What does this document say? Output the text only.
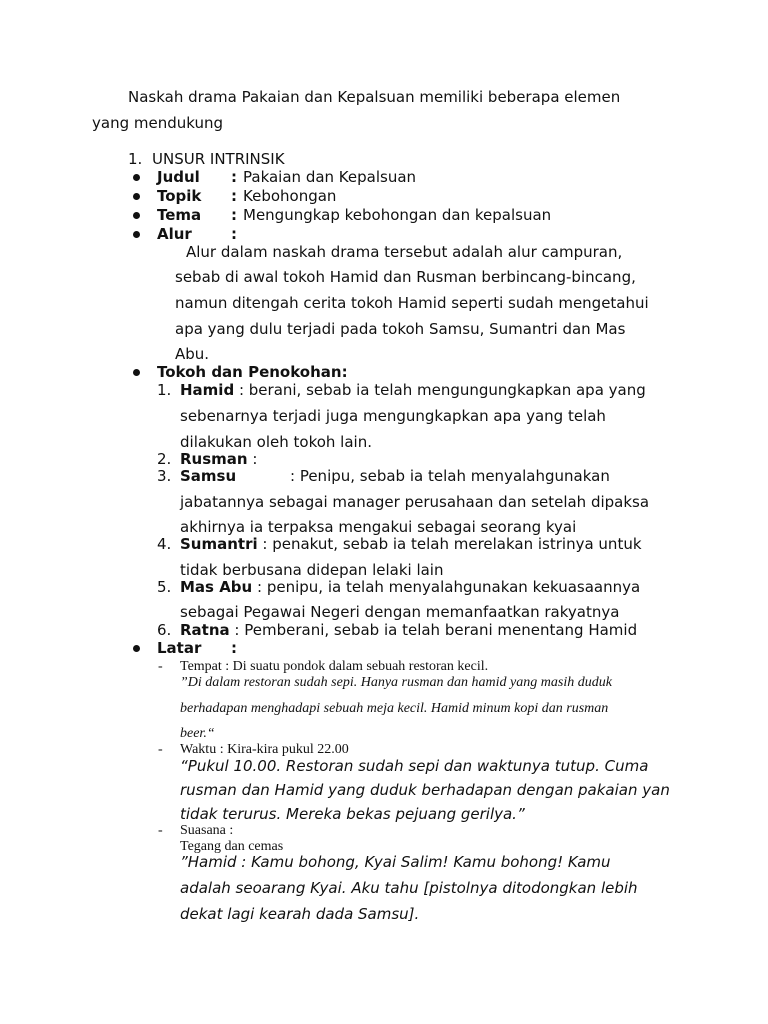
Naskah drama Pakaian dan Kepalsuan memiliki beberapa elemen
yang mendukung
1. UNSUR INTRINSIK
Judul : Pakaian dan Kepalsuan
Topik : Kebohongan
Tema : Mengungkap kebohongan dan kepalsuan
Alur	:
Alur dalam naskah drama tersebut adalah alur campuran,
sebab di awal tokoh Hamid dan Rusman berbincang-bincang,
namun ditengah cerita tokoh Hamid seperti sudah mengetahui
apa yang dulu terjadi pada tokoh Samsu, Sumantri dan Mas
Abu.
Tokoh dan Penokohan:
1. Hamid : berani, sebab ia telah mengungungkapkan apa yang
sebenarnya terjadi juga mengungkapkan apa yang telah
dilakukan oleh tokoh lain.
2. Rusman :
3. Samsu	: Penipu, sebab ia telah menyalahgunakan
jabatannya sebagai manager perusahaan dan setelah dipaksa
akhirnya ia terpaksa mengakui sebagai seorang kyai
4. Sumantri : penakut, sebab ia telah merelakan istrinya untuk
tidak berbusana didepan lelaki lain
5. Mas Abu : penipu, ia telah menyalahgunakan kekuasaannya
sebagai Pegawai Negeri dengan memanfaatkan rakyatnya
6. Ratna : Pemberani, sebab ia telah berani menentang Hamid
Latar :
- Tempat : Di suatu pondok dalam sebuah restoran kecil.
”Di dalam restoran sudah sepi. Hanya rusman dan hamid yang masih duduk
berhadapan menghadapi sebuah meja kecil. Hamid minum kopi dan rusman
beer.“
- Waktu : Kira-kira pukul 22.00
“Pukul 10.00. Restoran sudah sepi dan waktunya tutup. Cuma
rusman dan Hamid yang duduk berhadapan dengan pakaian yan
tidak terurus. Mereka bekas pejuang gerilya.”
- Suasana :
Tegang dan cemas
”Hamid : Kamu bohong, Kyai Salim! Kamu bohong! Kamu
adalah seoarang Kyai. Aku tahu [pistolnya ditodongkan lebih
dekat lagi kearah dada Samsu].
